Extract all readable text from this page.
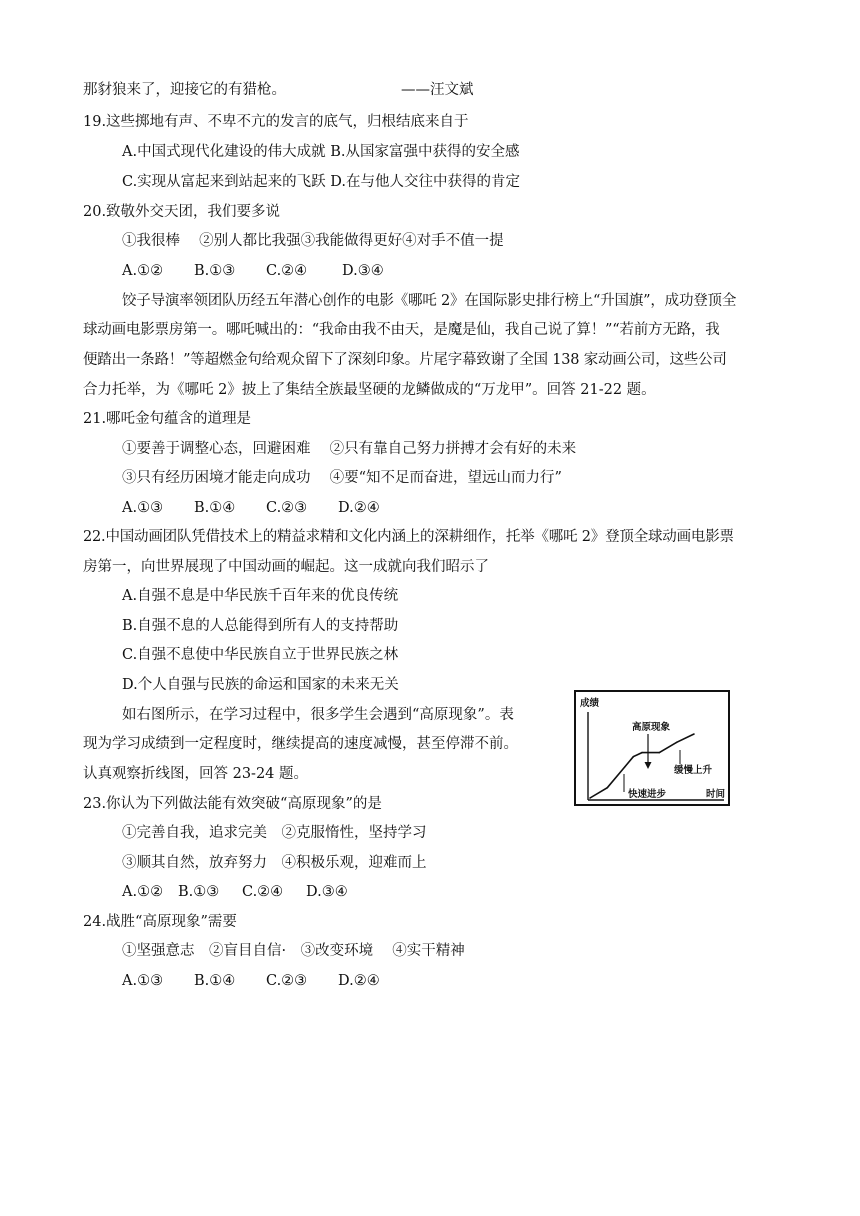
那豺狼来了，迎接它的有猎枪。	——汪文斌
19.这些掷地有声、不卑不亢的发言的底气，归根结底来自于
A.中国式现代化建设的伟大成就 B.从国家富强中获得的安全感
C.实现从富起来到站起来的飞跃 D.在与他人交往中获得的肯定
20.致敬外交天团，我们要多说
①我很棒　 ②别人都比我强③我能做得更好④对手不值一提
A.①② B.①③ C.②④ D.③④
饺子导演率领团队历经五年潜心创作的电影《哪吒 2》在国际影史排行榜上“升国旗”，成功登顶全
球动画电影票房第一。哪吒喊出的：“我命由我不由天，是魔是仙，我自己说了算！”“若前方无路，我
便踏出一条路！”等超燃金句给观众留下了深刻印象。片尾字幕致谢了全国 138 家动画公司，这些公司
合力托举，为《哪吒 2》披上了集结全族最坚硬的龙鳞做成的“万龙甲”。回答 21-22 题。
21.哪吒金句蕴含的道理是
①要善于调整心态，回避困难　 ②只有靠自己努力拼搏才会有好的未来
③只有经历困境才能走向成功　 ④要“知不足而奋进，望远山而力行”
A.①③ B.①④ C.②③ D.②④
22.中国动画团队凭借技术上的精益求精和文化内涵上的深耕细作，托举《哪吒 2》登顶全球动画电影票
房第一，向世界展现了中国动画的崛起。这一成就向我们昭示了
A.自强不息是中华民族千百年来的优良传统
B.自强不息的人总能得到所有人的支持帮助
C.自强不息使中华民族自立于世界民族之林
D.个人自强与民族的命运和国家的未来无关
如右图所示，在学习过程中，很多学生会遇到“高原现象”。表
现为学习成绩到一定程度时，继续提高的速度减慢，甚至停滞不前。
认真观察折线图，回答 23-24 题。
成绩
时间
高原现象
缓慢上升
快速进步
23.你认为下列做法能有效突破“高原现象”的是
①完善自我，追求完美　②克服惰性，坚持学习
③顺其自然，放弃努力　④积极乐观，迎难而上
A.①② B.①③ C.②④ D.③④
24.战胜“高原现象”需要
①坚强意志　②盲目自信·　③改变环境　 ④实干精神
A.①③ B.①④ C.②③ D.②④
